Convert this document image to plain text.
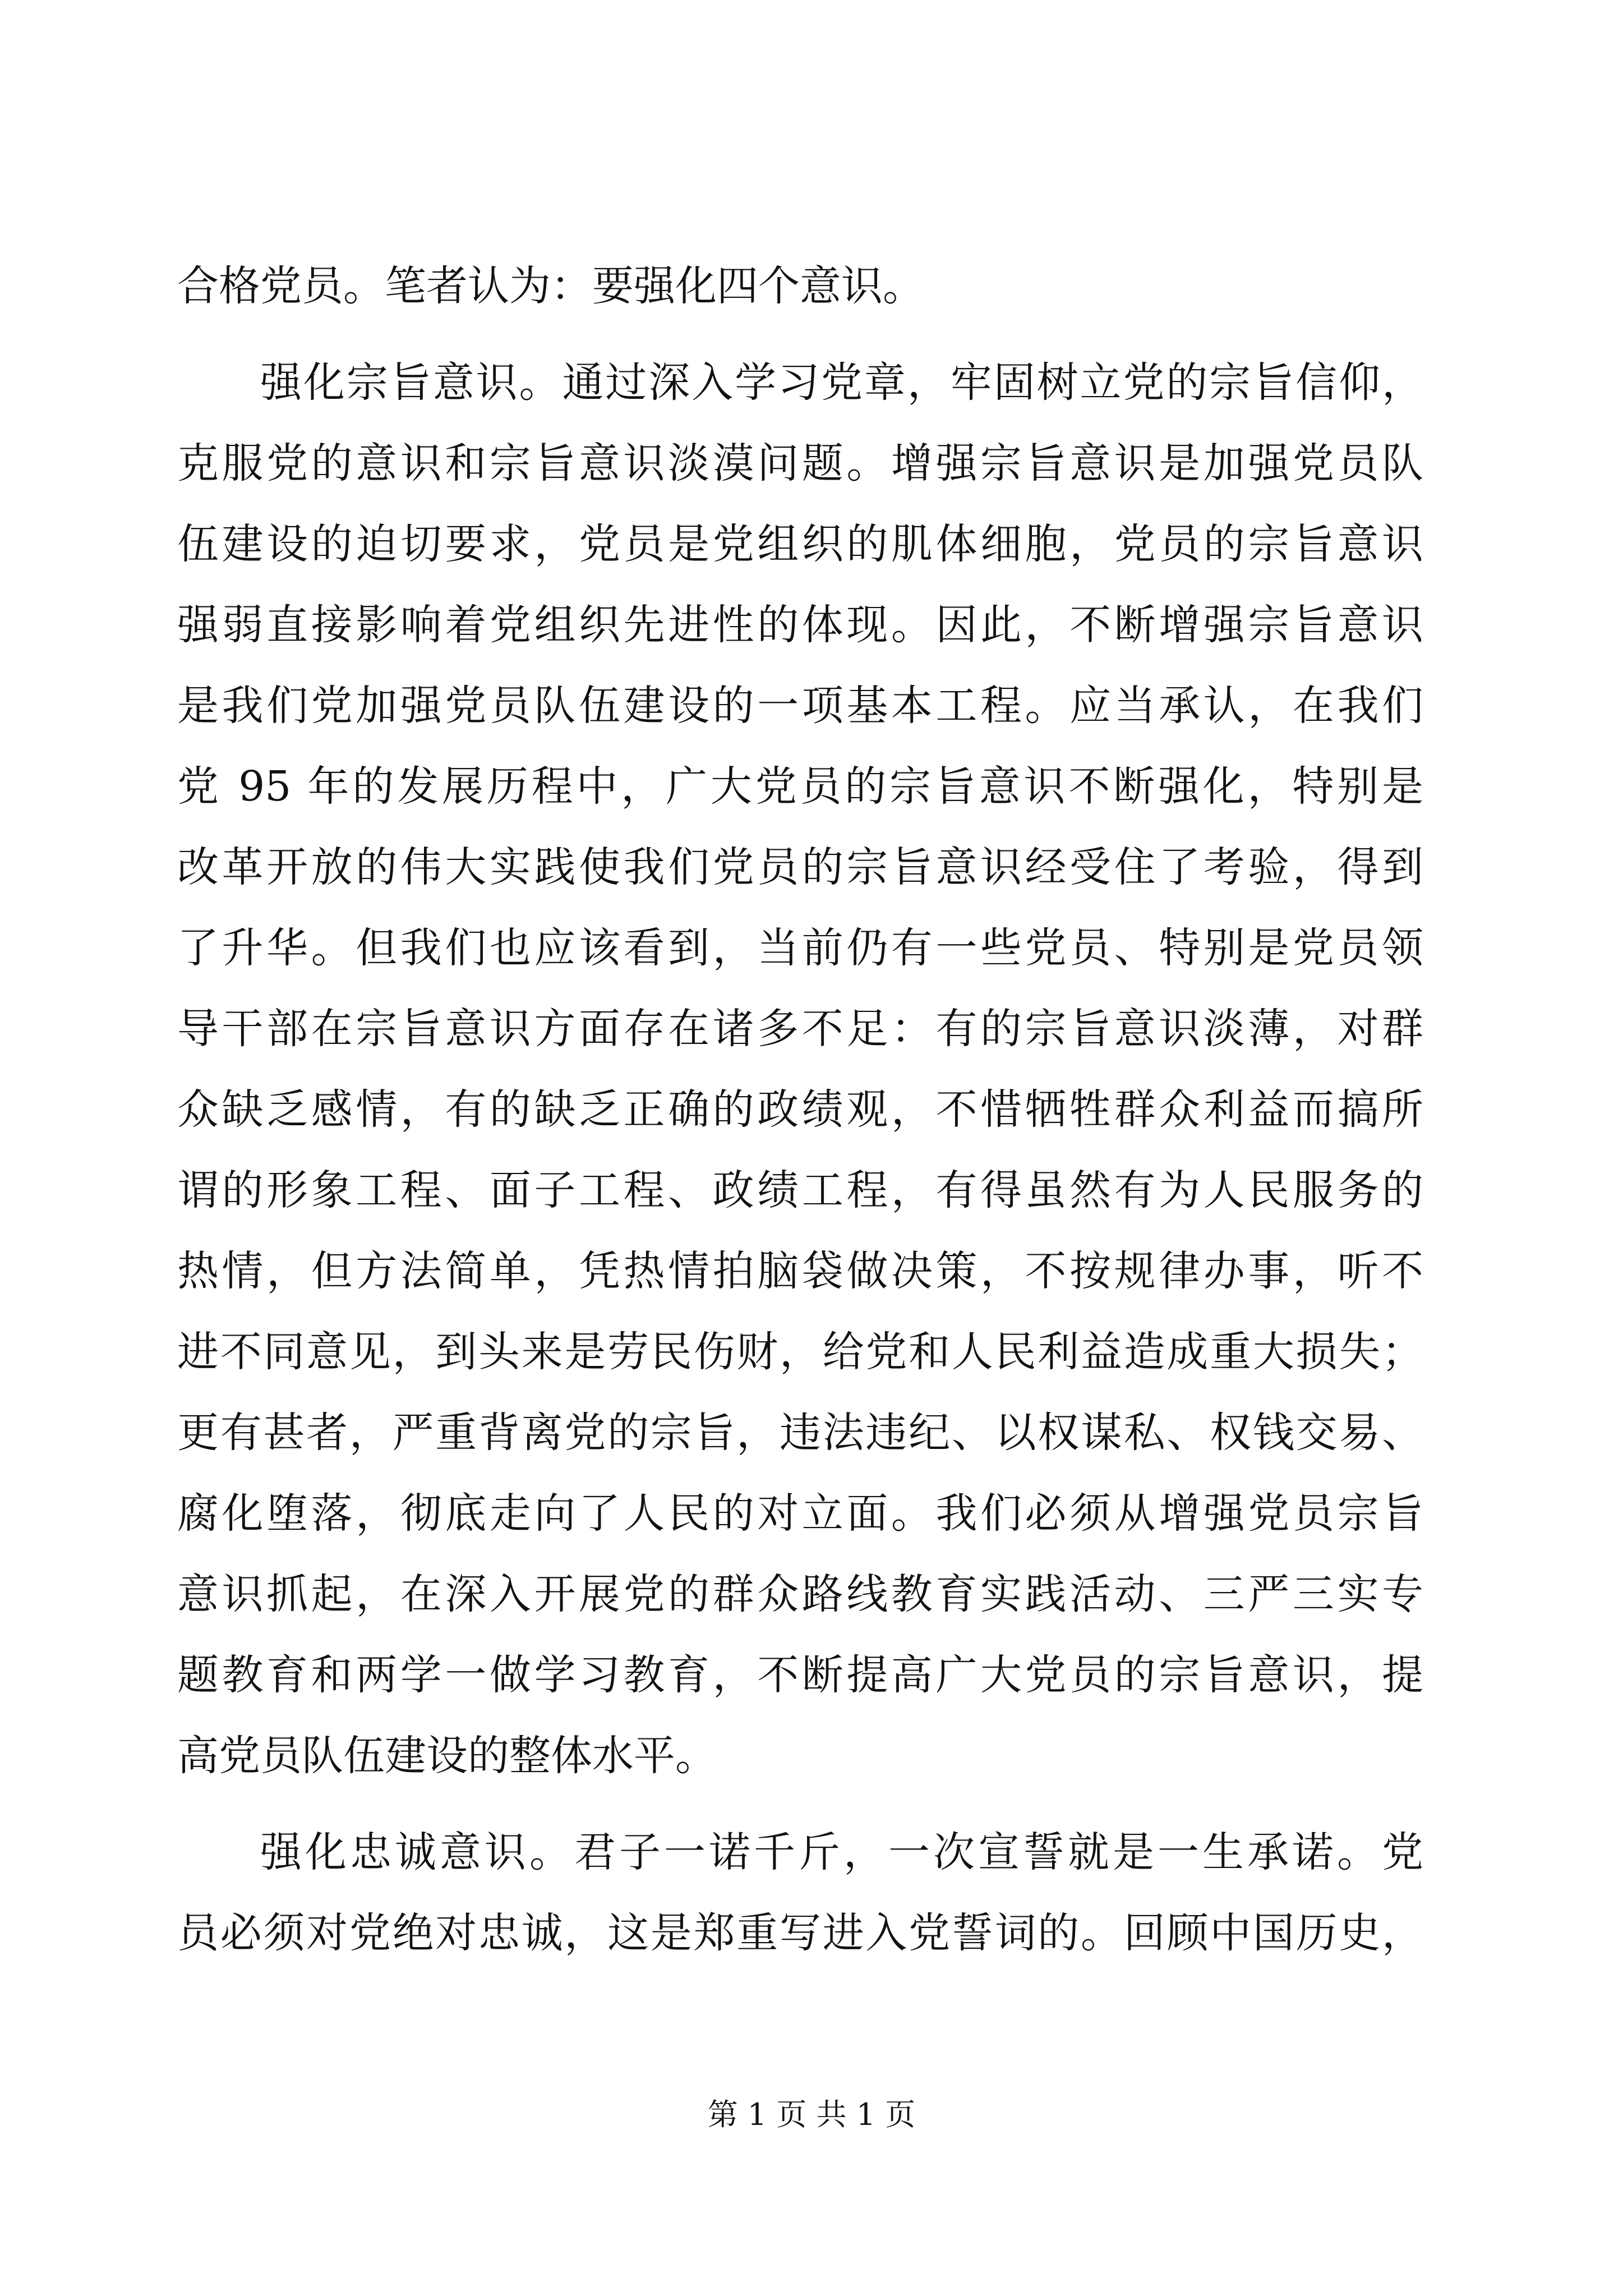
合格党员。笔者认为：要强化四个意识。
强化宗旨意识。通过深入学习党章，牢固树立党的宗旨信仰，
克服党的意识和宗旨意识淡漠问题。增强宗旨意识是加强党员队
伍建设的迫切要求，党员是党组织的肌体细胞，党员的宗旨意识
强弱直接影响着党组织先进性的体现。因此，不断增强宗旨意识
是我们党加强党员队伍建设的一项基本工程。应当承认，在我们
党 95 年的发展历程中，广大党员的宗旨意识不断强化，特别是
改革开放的伟大实践使我们党员的宗旨意识经受住了考验，得到
了升华。但我们也应该看到，当前仍有一些党员、特别是党员领
导干部在宗旨意识方面存在诸多不足：有的宗旨意识淡薄，对群
众缺乏感情，有的缺乏正确的政绩观，不惜牺牲群众利益而搞所
谓的形象工程、面子工程、政绩工程，有得虽然有为人民服务的
热情，但方法简单，凭热情拍脑袋做决策，不按规律办事，听不
进不同意见，到头来是劳民伤财，给党和人民利益造成重大损失；
更有甚者，严重背离党的宗旨，违法违纪、以权谋私、权钱交易、
腐化堕落，彻底走向了人民的对立面。我们必须从增强党员宗旨
意识抓起，在深入开展党的群众路线教育实践活动、三严三实专
题教育和两学一做学习教育，不断提高广大党员的宗旨意识，提
高党员队伍建设的整体水平。
强化忠诚意识。君子一诺千斤，一次宣誓就是一生承诺。党
员必须对党绝对忠诚，这是郑重写进入党誓词的。回顾中国历史，
第 1 页 共 1 页
